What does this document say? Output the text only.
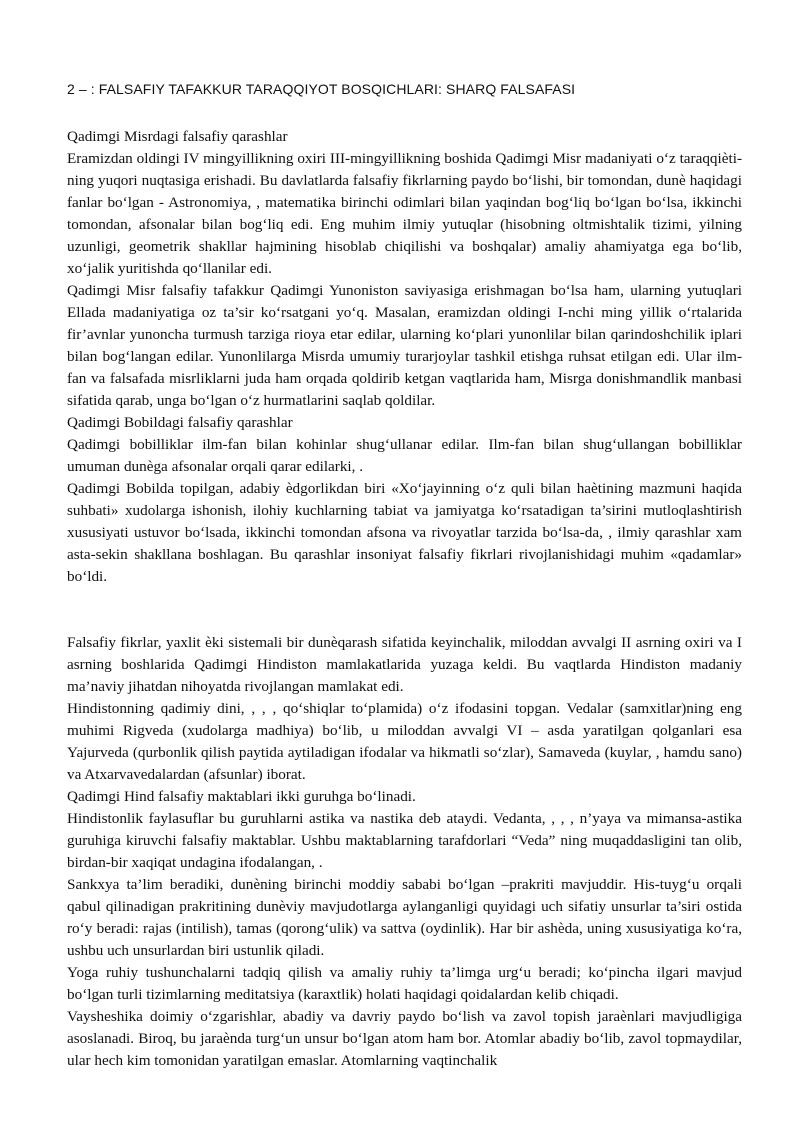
2 – : FALSAFIY TAFAKKUR TARAQQIYOT BOSQICHLARI: SHARQ FALSAFASI

Qadimgi Misrdagi falsafiy qarashlar

Eramizdan oldingi IV mingyillikning oxiri III-mingyillikning boshida Qadimgi Misr madaniyati o‘z taraqqiètining yuqori nuqtasiga erishadi. Bu davlatlarda falsafiy fikrlarning paydo bo‘lishi, bir tomondan, dunè haqidagi fanlar bo‘lgan - Astronomiya, , matematika birinchi odimlari bilan yaqindan bog‘liq bo‘lgan bo‘lsa, ikkinchi tomondan, afsonalar bilan bog‘liq edi. Eng muhim ilmiy yutuqlar (hisobning oltmishtalik tizimi, yilning uzunligi, geometrik shakllar hajmining hisoblab chiqilishi va boshqalar) amaliy ahamiyatga ega bo‘lib, xo‘jalik yuritishda qo‘llanilar edi.

Qadimgi Misr falsafiy tafakkur Qadimgi Yunoniston saviyasiga erishmagan bo‘lsa ham, ularning yutuqlari Ellada madaniyatiga oz ta’sir ko‘rsatgani yo‘q. Masalan, eramizdan oldingi I-nchi ming yillik o‘rtalarida fir’avnlar yunoncha turmush tarziga rioya etar edilar, ularning ko‘plari yunonlilar bilan qarindoshchilik iplari bilan bog‘langan edilar. Yunonlilarga Misrda umumiy turarjoylar tashkil etishga ruhsat etilgan edi. Ular ilm-fan va falsafada misrliklarni juda ham orqada qoldirib ketgan vaqtlarida ham, Misrga donishmandlik manbasi sifatida qarab, unga bo‘lgan o‘z hurmatlarini saqlab qoldilar.

Qadimgi Bobildagi falsafiy qarashlar

Qadimgi bobilliklar ilm-fan bilan kohinlar shug‘ullanar edilar. Ilm-fan bilan shug‘ullangan bobilliklar umuman dunèga afsonalar orqali qarar edilarki, .

Qadimgi Bobilda topilgan, adabiy èdgorlikdan biri «Xo‘jayinning o‘z quli bilan haètining mazmuni haqida suhbati» xudolarga ishonish, ilohiy kuchlarning tabiat va jamiyatga ko‘rsatadigan ta’sirini mutloqlashtirish xususiyati ustuvor bo‘lsada, ikkinchi tomondan afsona va rivoyatlar tarzida bo‘lsa-da, , ilmiy qarashlar xam asta-sekin shakllana boshlagan. Bu qarashlar insoniyat falsafiy fikrlari rivojlanishidagi muhim «qadamlar» bo‘ldi.

Falsafiy fikrlar, yaxlit èki sistemali bir dunèqarash sifatida keyinchalik, miloddan avvalgi II asrning oxiri va I asrning boshlarida Qadimgi Hindiston mamlakatlarida yuzaga keldi. Bu vaqtlarda Hindiston madaniy ma’naviy jihatdan nihoyatda rivojlangan mamlakat edi.

Hindistonning qadimiy dini, , , , qo‘shiqlar to‘plamida) o‘z ifodasini topgan. Vedalar (samxitlar)ning eng muhimi Rigveda (xudolarga madhiya) bo‘lib, u miloddan avvalgi VI – asda yaratilgan qolganlari esa Yajurveda (qurbonlik qilish paytida aytiladigan ifodalar va hikmatli so‘zlar), Samaveda (kuylar, , hamdu sano) va Atxarvavedalardan (afsunlar) iborat.

Qadimgi Hind falsafiy maktablari ikki guruhga bo‘linadi.

Hindistonlik faylasuflar bu guruhlarni astika va nastika deb ataydi. Vedanta, , , , n’yaya va mimansa-astika guruhiga kiruvchi falsafiy maktablar. Ushbu maktablarning tarafdorlari “Veda” ning muqaddasligini tan olib, birdan-bir xaqiqat undagina ifodalangan, .

Sankxya ta’lim beradiki, dunèning birinchi moddiy sababi bo‘lgan –prakriti mavjuddir. His-tuyg‘u orqali qabul qilinadigan prakritining dunèviy mavjudotlarga aylanganligi quyidagi uch sifatiy unsurlar ta’siri ostida ro‘y beradi: rajas (intilish), tamas (qorong‘ulik) va sattva (oydinlik). Har bir ashèda, uning xususiyatiga ko‘ra, ushbu uch unsurlardan biri ustunlik qiladi.

Yoga ruhiy tushunchalarni tadqiq qilish va amaliy ruhiy ta’limga urg‘u beradi; ko‘pincha ilgari mavjud bo‘lgan turli tizimlarning meditatsiya (karaxtlik) holati haqidagi qoidalardan kelib chiqadi.

Vaysheshika doimiy o‘zgarishlar, abadiy va davriy paydo bo‘lish va zavol topish jaraènlari mavjudligiga asoslanadi. Biroq, bu jaraènda turg‘un unsur bo‘lgan atom ham bor. Atomlar abadiy bo‘lib, zavol topmaydilar, ular hech kim tomonidan yaratilgan emaslar. Atomlarning vaqtinchalik
